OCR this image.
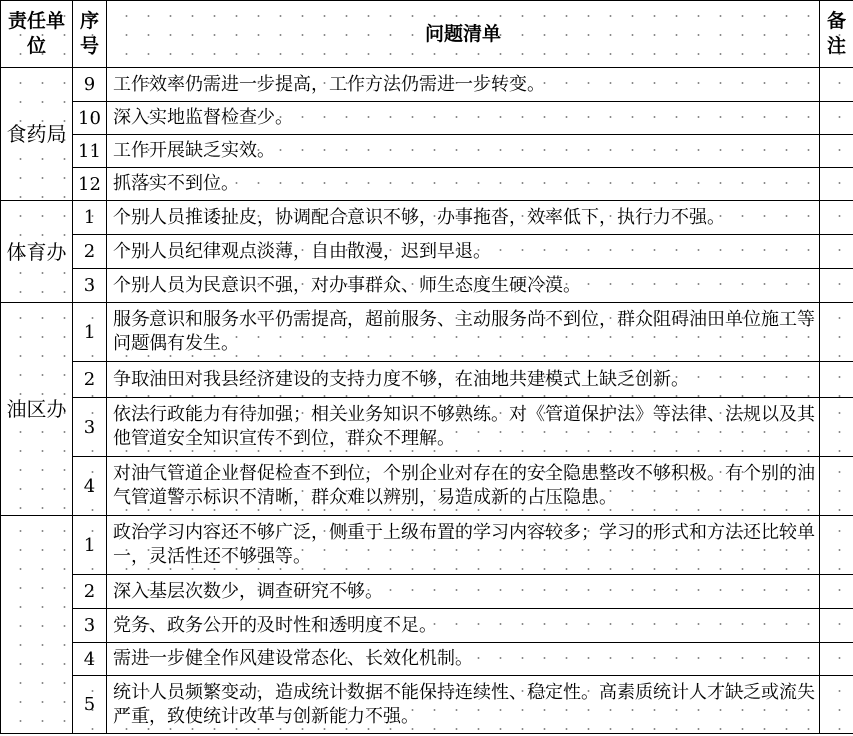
责任单位	序号	问题清单	备注
食药局	9	工作效率仍需进一步提高，工作方法仍需进一步转变。	
	10	深入实地监督检查少。	
	11	工作开展缺乏实效。	
	12	抓落实不到位。	
体育办	1	个别人员推诿扯皮，协调配合意识不够，办事拖沓，效率低下，执行力不强。	
	2	个别人员纪律观点淡薄，自由散漫，迟到早退。	
	3	个别人员为民意识不强，对办事群众、师生态度生硬冷漠。	
油区办	1	服务意识和服务水平仍需提高，超前服务、主动服务尚不到位，群众阻碍油田单位施工等问题偶有发生。	
	2	争取油田对我县经济建设的支持力度不够，在油地共建模式上缺乏创新。	
	3	依法行政能力有待加强；相关业务知识不够熟练。对《管道保护法》等法律、法规以及其他管道安全知识宣传不到位，群众不理解。	
	4	对油气管道企业督促检查不到位，个别企业对存在的安全隐患整改不够积极。有个别的油气管道警示标识不清晰，群众难以辨别，易造成新的占压隐患。	
	1	政治学习内容还不够广泛，侧重于上级布置的学习内容较多；学习的形式和方法还比较单一，灵活性还不够强等。	
	2	深入基层次数少，调查研究不够。	
	3	党务、政务公开的及时性和透明度不足。	
	4	需进一步健全作风建设常态化、长效化机制。	
	5	统计人员频繁变动，造成统计数据不能保持连续性、稳定性。高素质统计人才缺乏或流失严重，致使统计改革与创新能力不强。	
